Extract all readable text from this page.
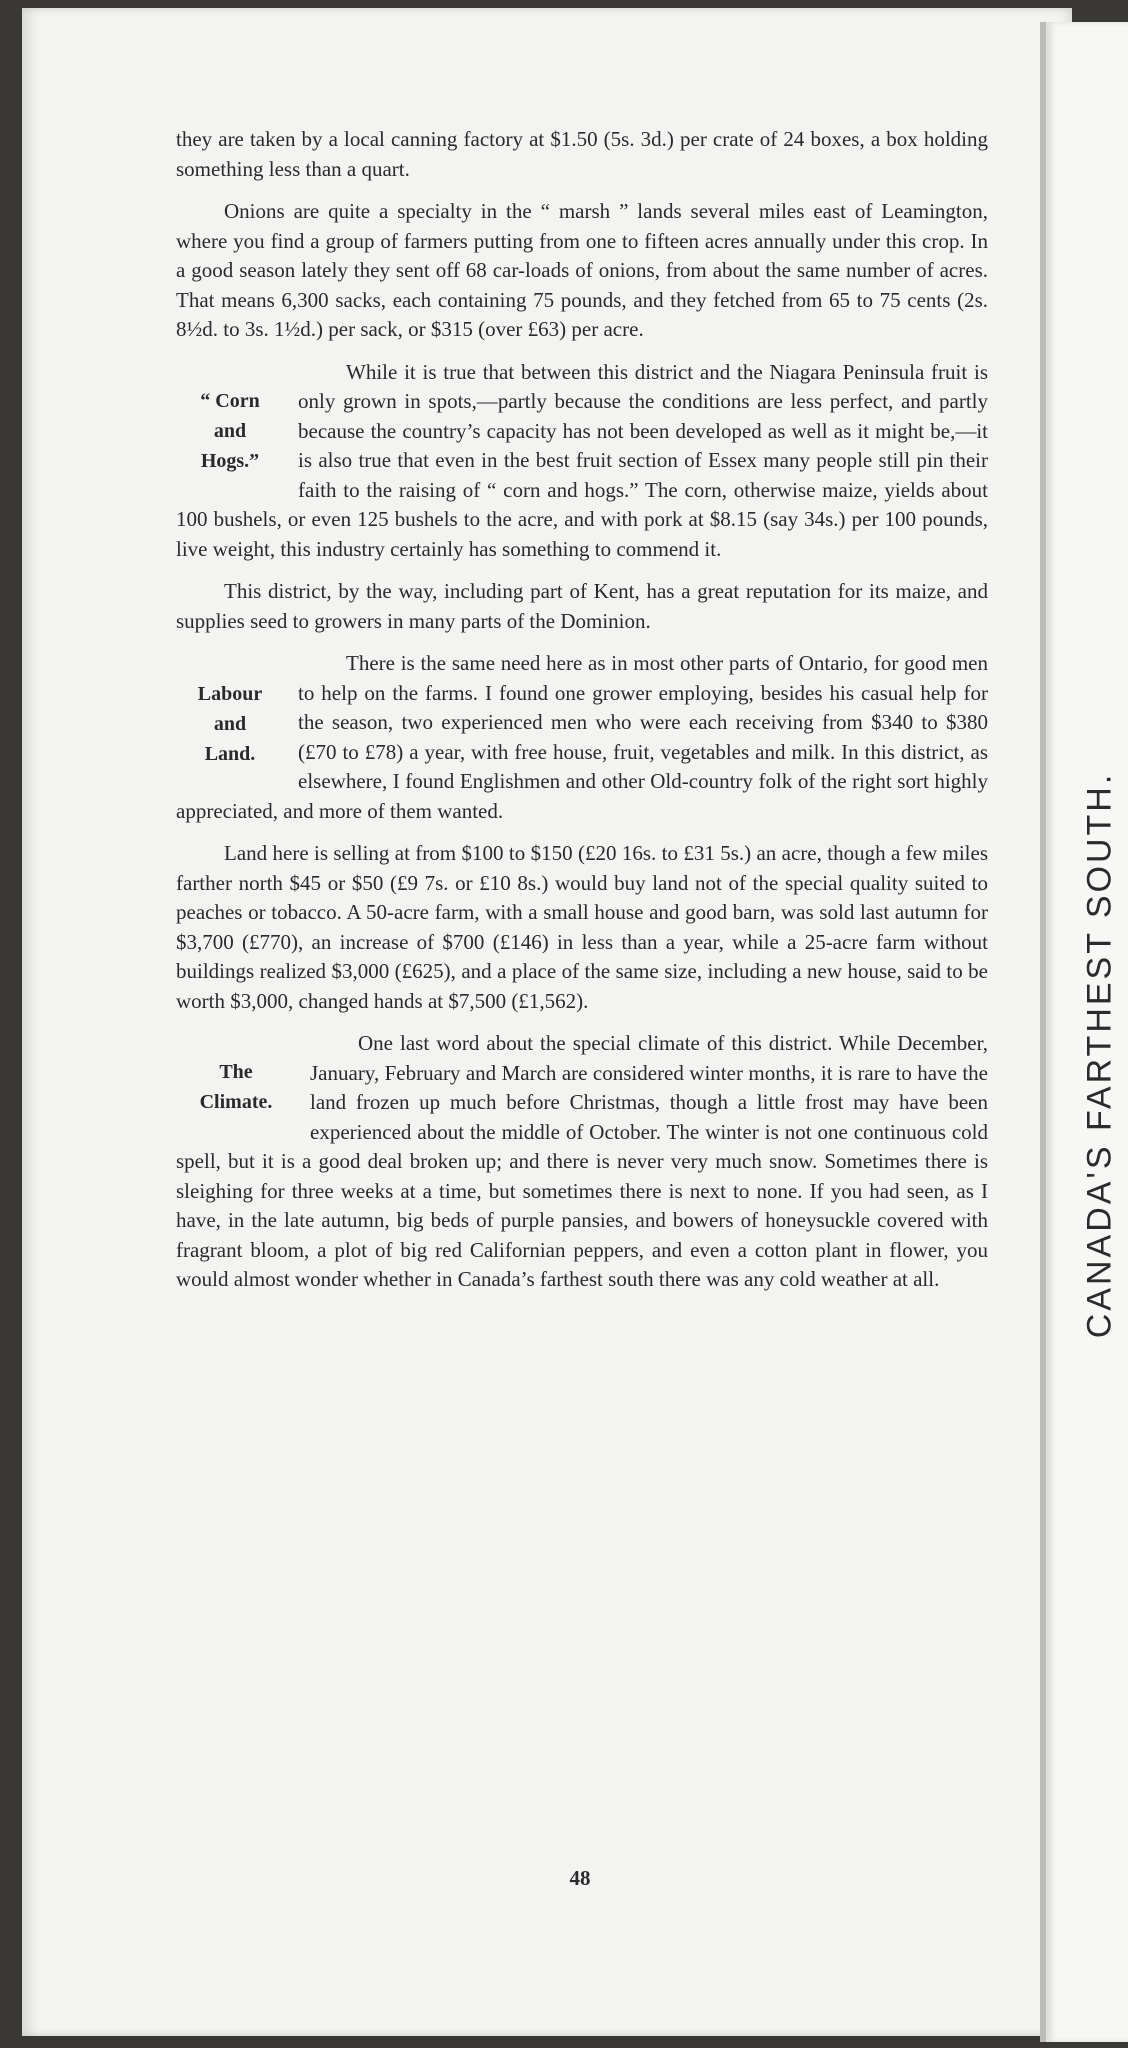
CANADA'S FARTHEST SOUTH.

they are taken by a local canning factory at $1.50 (5s. 3d.) per crate of 24 boxes, a box holding something less than a quart.

Onions are quite a specialty in the “ marsh ” lands several miles east of Leamington, where you find a group of farmers putting from one to fifteen acres annually under this crop. In a good season lately they sent off 68 car-loads of onions, from about the same number of acres. That means 6,300 sacks, each containing 75 pounds, and they fetched from 65 to 75 cents (2s. 8½d. to 3s. 1½d.) per sack, or $315 (over £63) per acre.

“ Corn
and
Hogs.”

While it is true that between this district and the Niagara Peninsula fruit is only grown in spots,—partly because the conditions are less perfect, and partly because the country’s capacity has not been developed as well as it might be,—it is also true that even in the best fruit section of Essex many people still pin their faith to the raising of “ corn and hogs.” The corn, otherwise maize, yields about 100 bushels, or even 125 bushels to the acre, and with pork at $8.15 (say 34s.) per 100 pounds, live weight, this industry certainly has something to commend it.

This district, by the way, including part of Kent, has a great reputation for its maize, and supplies seed to growers in many parts of the Dominion.

Labour
and
Land.

There is the same need here as in most other parts of Ontario, for good men to help on the farms. I found one grower employing, besides his casual help for the season, two experienced men who were each receiving from $340 to $380 (£70 to £78) a year, with free house, fruit, vegetables and milk. In this district, as elsewhere, I found Englishmen and other Old-country folk of the right sort highly appreciated, and more of them wanted.

Land here is selling at from $100 to $150 (£20 16s. to £31 5s.) an acre, though a few miles farther north $45 or $50 (£9 7s. or £10 8s.) would buy land not of the special quality suited to peaches or tobacco. A 50-acre farm, with a small house and good barn, was sold last autumn for $3,700 (£770), an increase of $700 (£146) in less than a year, while a 25-acre farm without buildings realized $3,000 (£625), and a place of the same size, including a new house, said to be worth $3,000, changed hands at $7,500 (£1,562).

The
Climate.

One last word about the special climate of this district. While December, January, February and March are considered winter months, it is rare to have the land frozen up much before Christmas, though a little frost may have been experienced about the middle of October. The winter is not one continuous cold spell, but it is a good deal broken up; and there is never very much snow. Sometimes there is sleighing for three weeks at a time, but sometimes there is next to none. If you had seen, as I have, in the late autumn, big beds of purple pansies, and bowers of honeysuckle covered with fragrant bloom, a plot of big red Californian peppers, and even a cotton plant in flower, you would almost wonder whether in Canada’s farthest south there was any cold weather at all.

48
